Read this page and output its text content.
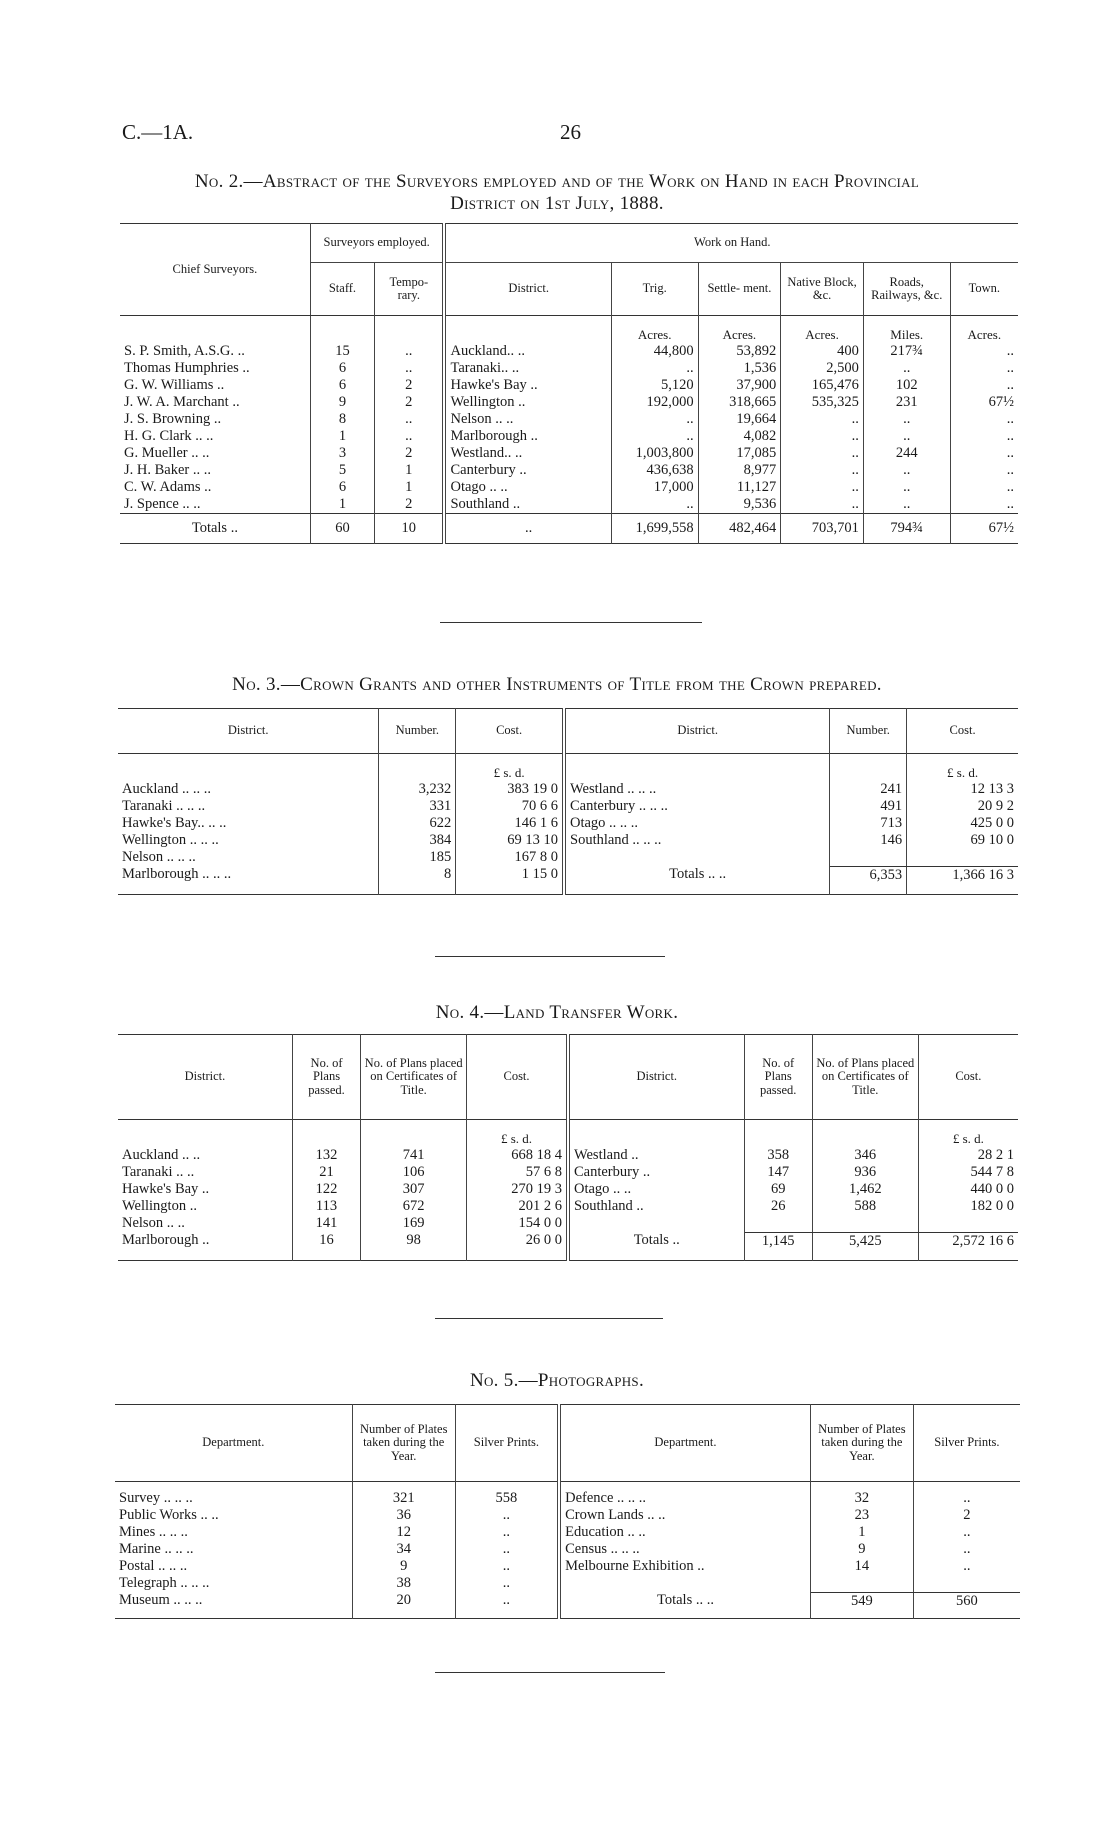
C.—1A.	26
No. 2.—Abstract of the Surveyors employed and of the Work on Hand in each Provincial
District on 1st July, 1888.
Chief Surveyors.	Surveyors employed.		Work on Hand.					
	Staff.	Tempo- rary.	District.	Trig.	Settle- ment.	Native Block, &c.	Roads, Railways, &c.	Town.
				Acres.	Acres.	Acres.	Miles.	Acres.
S. P. Smith, A.S.G. ..	15	..	Auckland.. ..	44,800	53,892	400	217¾	..
Thomas Humphries ..	6	..	Taranaki.. ..	..	1,536	2,500	..	..
G. W. Williams ..	6	2	Hawke's Bay ..	5,120	37,900	165,476	102	..
J. W. A. Marchant ..	9	2	Wellington ..	192,000	318,665	535,325	231	67½
J. S. Browning ..	8	..	Nelson .. ..	..	19,664	..	..	..
H. G. Clark .. ..	1	..	Marlborough ..	..	4,082	..	..	..
G. Mueller .. ..	3	2	Westland.. ..	1,003,800	17,085	..	244	..
J. H. Baker .. ..	5	1	Canterbury ..	436,638	8,977	..	..	..
C. W. Adams ..	6	1	Otago .. ..	17,000	11,127	..	..	..
J. Spence .. ..	1	2	Southland ..	..	9,536	..	..	..
Totals ..	60	10	..	1,699,558	482,464	703,701	794¾	67½
No. 3.—Crown Grants and other Instruments of Title from the Crown prepared.
District.	Number.	Cost.	District.	Number.	Cost.
		£ s. d.			£ s. d.
Auckland .. .. ..	3,232	383 19 0	Westland .. .. ..	241	12 13 3
Taranaki .. .. ..	331	70 6 6	Canterbury .. .. ..	491	20 9 2
Hawke's Bay.. .. ..	622	146 1 6	Otago .. .. ..	713	425 0 0
Wellington .. .. ..	384	69 13 10	Southland .. .. ..	146	69 10 0
Nelson .. .. ..	185	167 8 0			
Marlborough .. .. ..	8	1 15 0	Totals .. ..	6,353	1,366 16 3

No. 4.—Land Transfer Work.
District.	No. of Plans passed.	No. of Plans placed on Certificates of Title.	Cost.	District.	No. of Plans passed.	No. of Plans placed on Certificates of Title.	Cost.
			£ s. d.				£ s. d.
Auckland .. ..	132	741	668 18 4	Westland ..	358	346	28 2 1
Taranaki .. ..	21	106	57 6 8	Canterbury ..	147	936	544 7 8
Hawke's Bay ..	122	307	270 19 3	Otago .. ..	69	1,462	440 0 0
Wellington ..	113	672	201 2 6	Southland ..	26	588	182 0 0
Nelson .. ..	141	169	154 0 0				
Marlborough ..	16	98	26 0 0	Totals ..	1,145	5,425	2,572 16 6

No. 5.—Photographs.
Department.	Number of Plates taken during the Year.	Silver Prints.	Department.	Number of Plates taken during the Year.	Silver Prints.

Survey .. .. ..	321	558	Defence .. .. ..	32	..
Public Works .. ..	36	..	Crown Lands .. ..	23	2
Mines .. .. ..	12	..	Education .. ..	1	..
Marine .. .. ..	34	..	Census .. .. ..	9	..
Postal .. .. ..	9	..	Melbourne Exhibition ..	14	..
Telegraph .. .. ..	38	..			
Museum .. .. ..	20	..	Totals .. ..	549	560
